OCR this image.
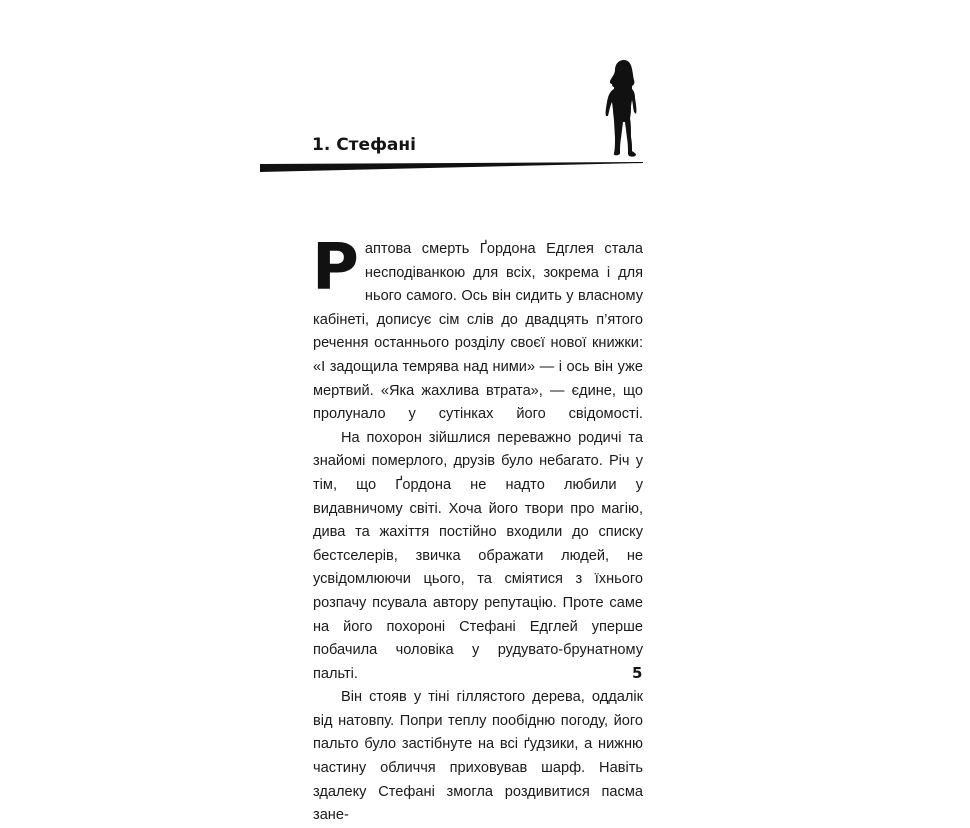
1. Стефані

Раптова смерть Ґордона Едглея стала несподіванкою для всіх, зокрема і для нього самого. Ось він сидить у власному кабінеті, дописує сім слів до двадцять п’ятого речення останнього розділу своєї нової книжки: «І задощила темрява над ними» — і ось він уже мертвий. «Яка жахлива втрата», — єдине, що пролунало у сутінках його свідомості.

На похорон зійшлися переважно родичі та знайомі померлого, друзів було небагато. Річ у тім, що Ґордона не надто любили у видавничому світі. Хоча його твори про магію, дива та жахіття постійно входили до списку бестселерів, звичка ображати людей, не усвідомлюючи цього, та сміятися з їхнього розпачу псувала автору репутацію. Проте саме на його похороні Стефані Едглей уперше побачила чоловіка у рудувато-брунатному пальті.

Він стояв у тіні гіллястого дерева, оддалік від натовпу. Попри теплу пообідню погоду, його пальто було застібнуте на всі ґудзики, а нижню частину обличчя приховував шарф. Навіть здалеку Стефані змогла роздивитися пасма зане-

5
